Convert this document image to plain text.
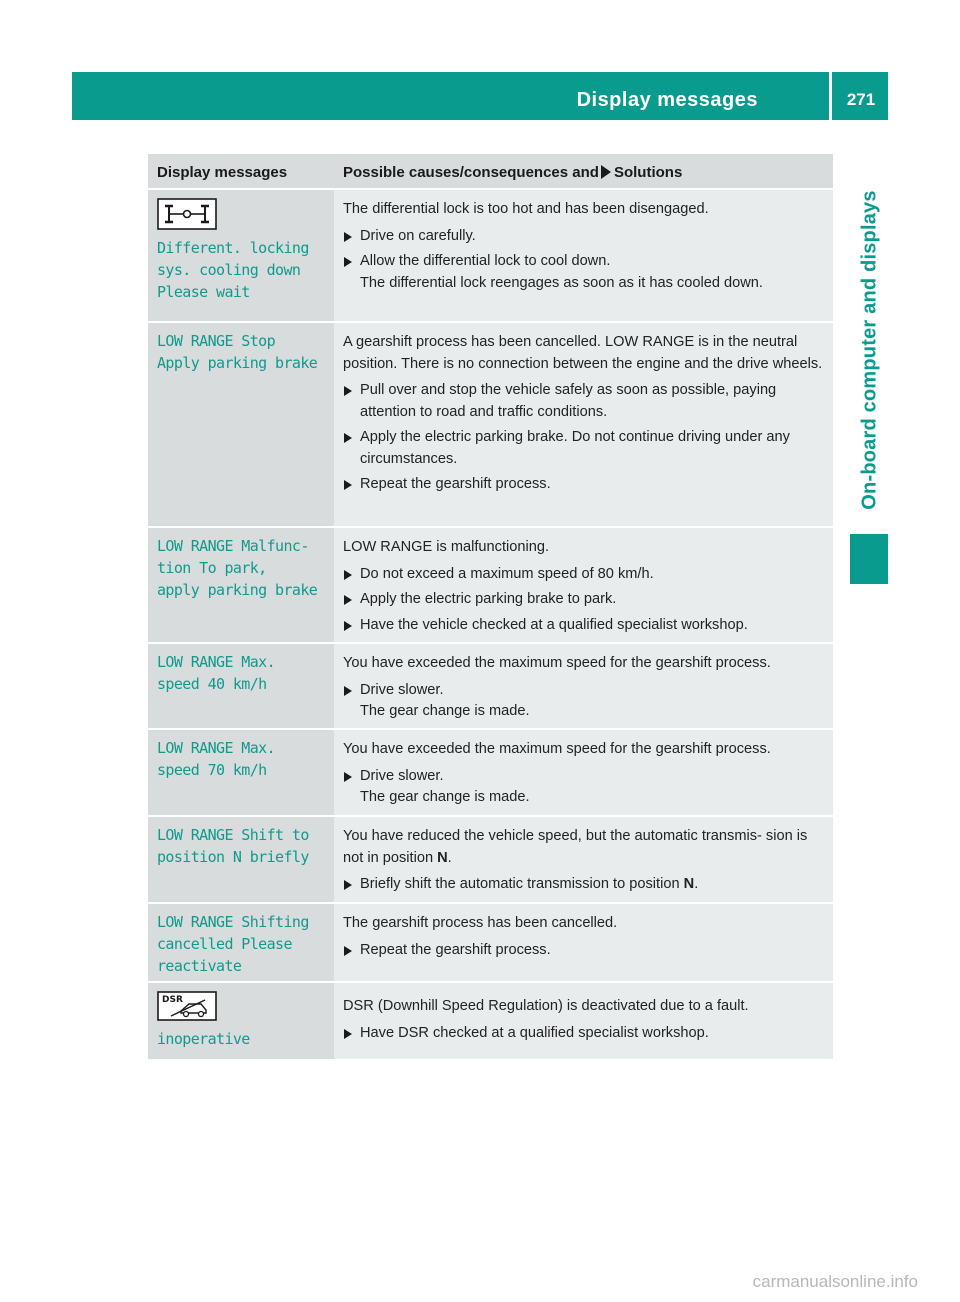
Display messages	271
On-board computer and displays
Display messages	Possible causes/consequences and Solutions
Different. locking
sys. cooling down
Please wait

The differential lock is too hot and has been disengaged.

Drive on carefully.
Allow the differential lock to cool down.
The differential lock reengages as soon as it has cooled down.
LOW RANGE Stop
Apply parking brake

A gearshift process has been cancelled. LOW RANGE is in the neutral position. There is no connection between the engine and the drive wheels.

Pull over and stop the vehicle safely as soon as possible, paying attention to road and traffic conditions.
Apply the electric parking brake. Do not continue driving under any circumstances.
Repeat the gearshift process.
LOW RANGE Malfunc‐
tion To park,
apply parking brake

LOW RANGE is malfunctioning.

Do not exceed a maximum speed of 80 km/h.
Apply the electric parking brake to park.
Have the vehicle checked at a qualified specialist workshop.
LOW RANGE Max.
speed 40 km/h

You have exceeded the maximum speed for the gearshift process.

Drive slower.
The gear change is made.
LOW RANGE Max.
speed 70 km/h

You have exceeded the maximum speed for the gearshift process.

Drive slower.
The gear change is made.
LOW RANGE Shift to
position N briefly

You have reduced the vehicle speed, but the automatic transmis‐ sion is not in position N.

Briefly shift the automatic transmission to position N.
LOW RANGE Shifting
cancelled Please
reactivate

The gearshift process has been cancelled.

Repeat the gearshift process.
DSR
inoperative

DSR (Downhill Speed Regulation) is deactivated due to a fault.

Have DSR checked at a qualified specialist workshop.
carmanualsonline.info
